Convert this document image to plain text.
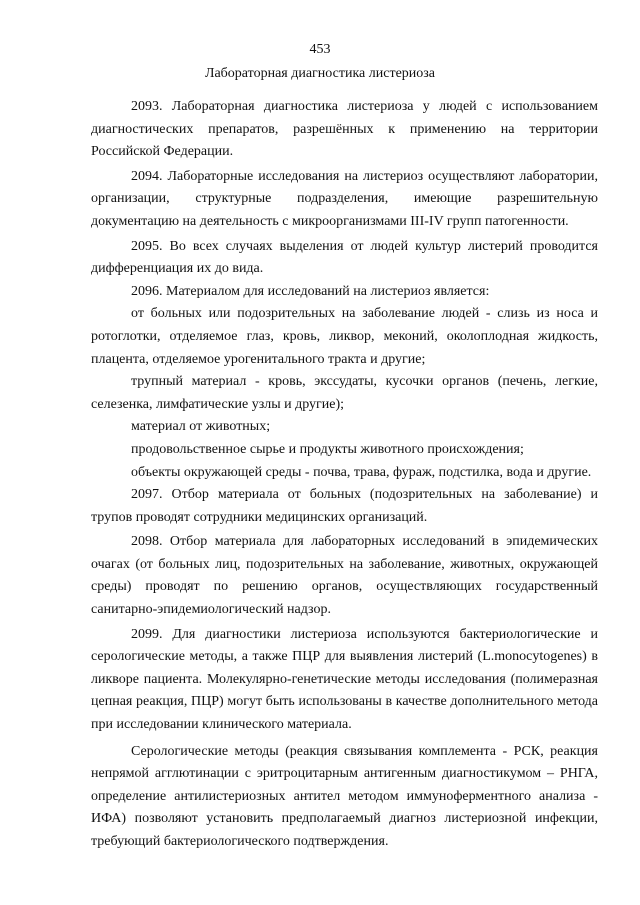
453
Лабораторная диагностика листериоза

2093. Лабораторная диагностика листериоза у людей с использованием диагностических препаратов, разрешённых к применению на территории Российской Федерации.

2094. Лабораторные исследования на листериоз осуществляют лаборатории, организации, структурные подразделения, имеющие разрешительную документацию на деятельность с микроорганизмами III-IV групп патогенности.

2095. Во всех случаях выделения от людей культур листерий проводится дифференциация их до вида.

2096. Материалом для исследований на листериоз является:

от больных или подозрительных на заболевание людей - слизь из носа и ротоглотки, отделяемое глаз, кровь, ликвор, меконий, околоплодная жидкость, плацента, отделяемое урогенитального тракта и другие;

трупный материал - кровь, экссудаты, кусочки органов (печень, легкие, селезенка, лимфатические узлы и другие);

материал от животных;

продовольственное сырье и продукты животного происхождения;

объекты окружающей среды - почва, трава, фураж, подстилка, вода и другие.

2097. Отбор материала от больных (подозрительных на заболевание) и трупов проводят сотрудники медицинских организаций.

2098. Отбор материала для лабораторных исследований в эпидемических очагах (от больных лиц, подозрительных на заболевание, животных, окружающей среды) проводят по решению органов, осуществляющих государственный санитарно-эпидемиологический надзор.

2099. Для диагностики листериоза используются бактериологические и серологические методы, а также ПЦР для выявления листерий (L.monocytogenes) в ликворе пациента. Молекулярно-генетические методы исследования (полимеразная цепная реакция, ПЦР) могут быть использованы в качестве дополнительного метода при исследовании клинического материала.

Серологические методы (реакция связывания комплемента - РСК, реакция непрямой агглютинации с эритроцитарным антигенным диагностикумом – РНГА, определение антилистериозных антител методом иммуноферментного анализа - ИФА) позволяют установить предполагаемый диагноз листериозной инфекции, требующий бактериологического подтверждения.
